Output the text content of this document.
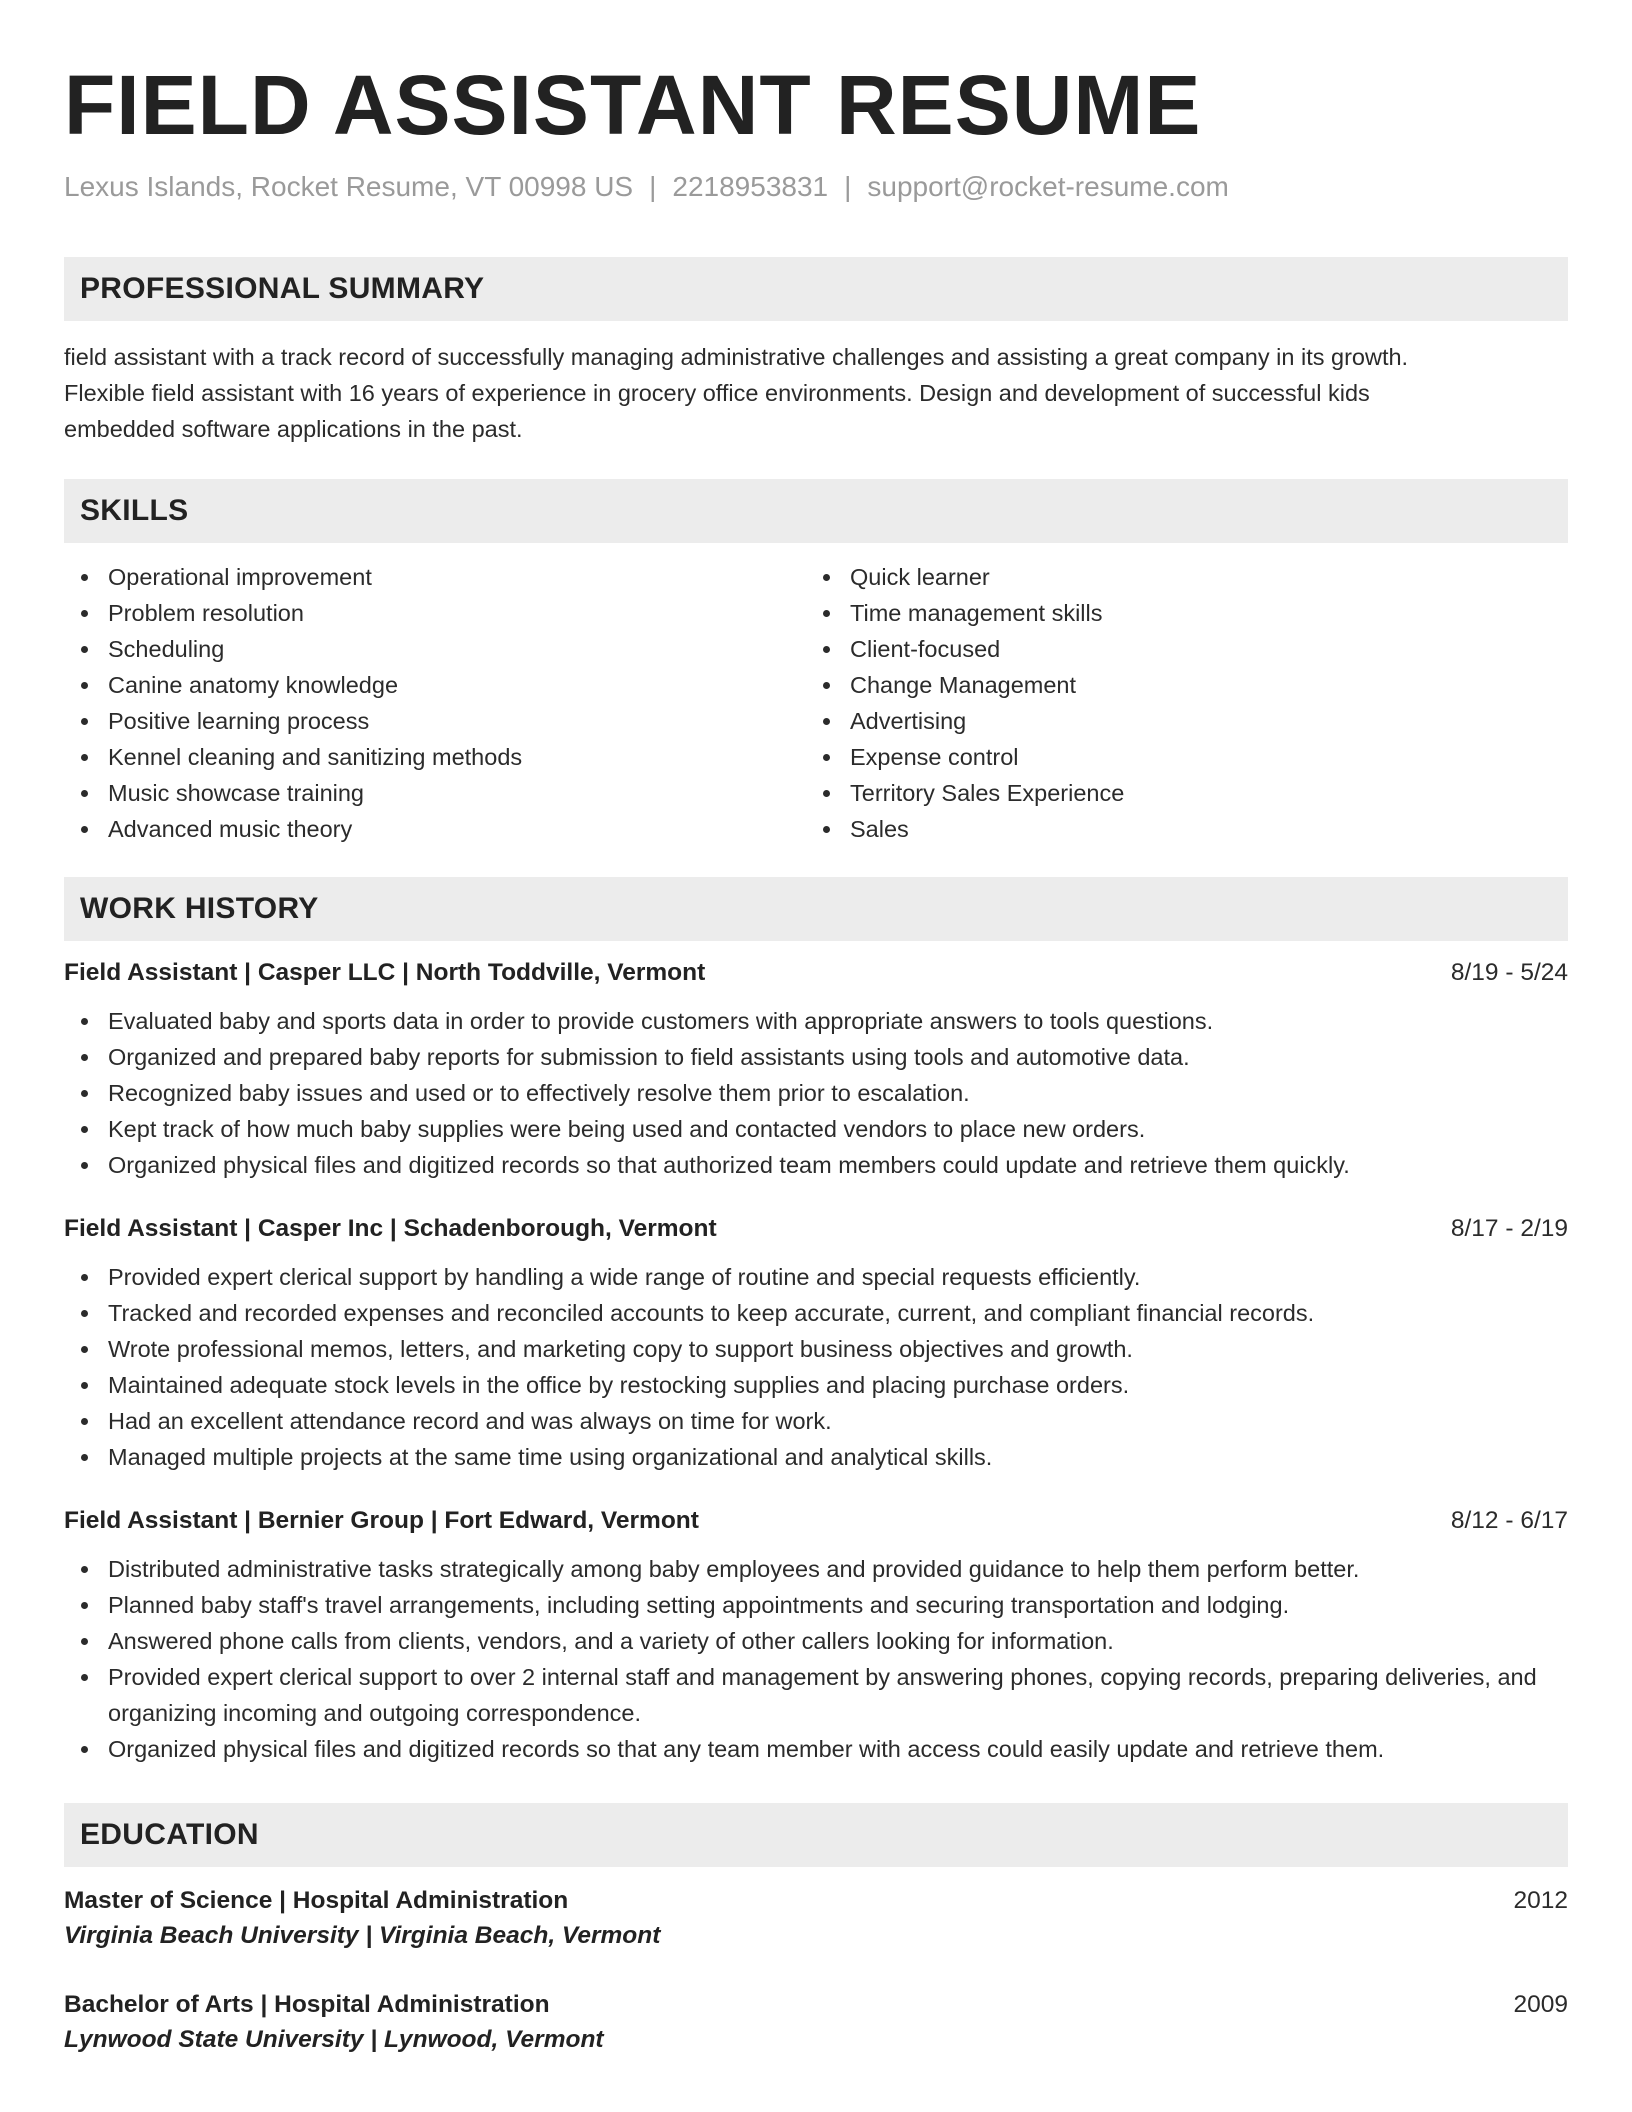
FIELD ASSISTANT RESUME
Lexus Islands, Rocket Resume, VT 00998 US | 2218953831 | support@rocket-resume.com
PROFESSIONAL SUMMARY
field assistant with a track record of successfully managing administrative challenges and assisting a great company in its growth.
Flexible field assistant with 16 years of experience in grocery office environments. Design and development of successful kids
embedded software applications in the past.
SKILLS
Operational improvement
Problem resolution
Scheduling
Canine anatomy knowledge
Positive learning process
Kennel cleaning and sanitizing methods
Music showcase training
Advanced music theory
Quick learner
Time management skills
Client-focused
Change Management
Advertising
Expense control
Territory Sales Experience
Sales
WORK HISTORY
Field Assistant | Casper LLC | North Toddville, Vermont	8/19 - 5/24
Evaluated baby and sports data in order to provide customers with appropriate answers to tools questions.
Organized and prepared baby reports for submission to field assistants using tools and automotive data.
Recognized baby issues and used or to effectively resolve them prior to escalation.
Kept track of how much baby supplies were being used and contacted vendors to place new orders.
Organized physical files and digitized records so that authorized team members could update and retrieve them quickly.
Field Assistant | Casper Inc | Schadenborough, Vermont	8/17 - 2/19
Provided expert clerical support by handling a wide range of routine and special requests efficiently.
Tracked and recorded expenses and reconciled accounts to keep accurate, current, and compliant financial records.
Wrote professional memos, letters, and marketing copy to support business objectives and growth.
Maintained adequate stock levels in the office by restocking supplies and placing purchase orders.
Had an excellent attendance record and was always on time for work.
Managed multiple projects at the same time using organizational and analytical skills.
Field Assistant | Bernier Group | Fort Edward, Vermont	8/12 - 6/17
Distributed administrative tasks strategically among baby employees and provided guidance to help them perform better.
Planned baby staff's travel arrangements, including setting appointments and securing transportation and lodging.
Answered phone calls from clients, vendors, and a variety of other callers looking for information.
Provided expert clerical support to over 2 internal staff and management by answering phones, copying records, preparing deliveries, and organizing incoming and outgoing correspondence.
Organized physical files and digitized records so that any team member with access could easily update and retrieve them.
EDUCATION
Master of Science | Hospital Administration	2012
Virginia Beach University | Virginia Beach, Vermont
Bachelor of Arts | Hospital Administration	2009
Lynwood State University | Lynwood, Vermont
